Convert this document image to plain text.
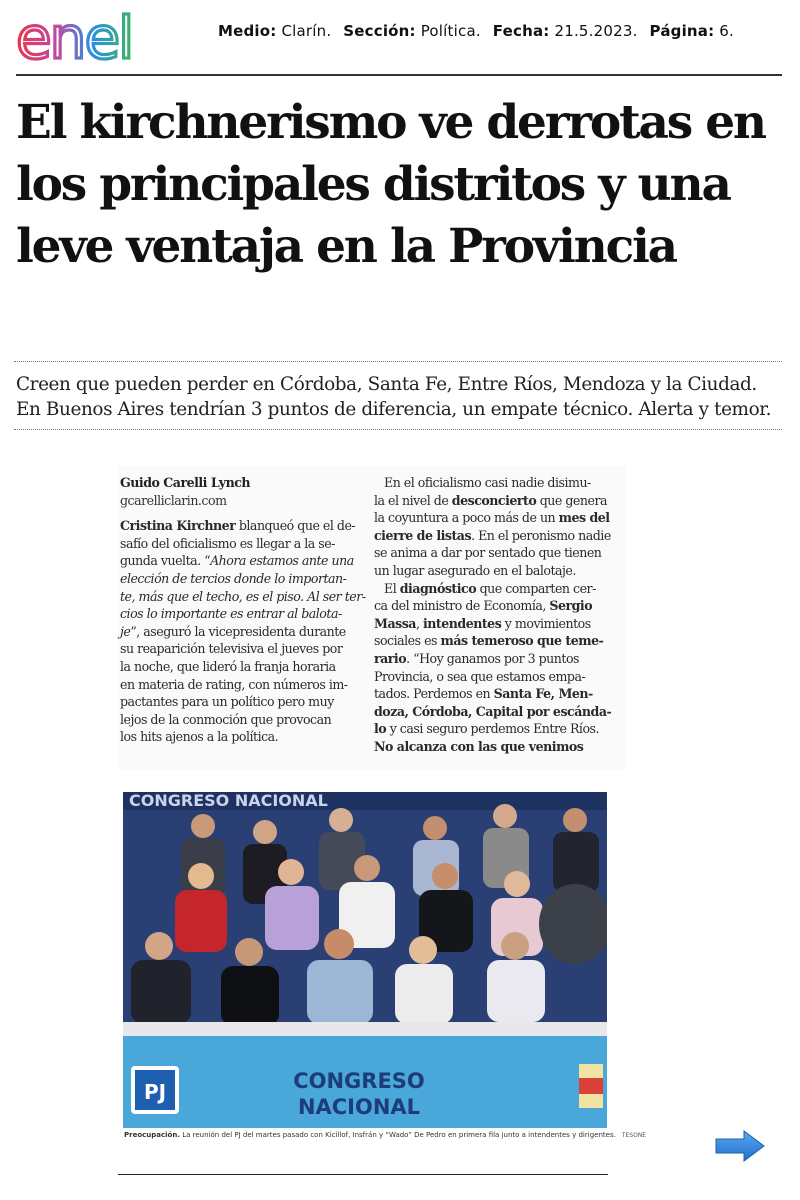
enel	Medio: Clarín. Sección: Política. Fecha: 21.5.2023. Página: 6.
El kirchnerismo ve derrotas en
los principales distritos y una
leve ventaja en la Provincia
Creen que pueden perder en Córdoba, Santa Fe, Entre Ríos, Mendoza y la Ciudad.
En Buenos Aires tendrían 3 puntos de diferencia, un empate técnico. Alerta y temor.
Guido Carelli Lynch
gcarelliclarin.com
Cristina Kirchner blanqueó que el de-
safío del oficialismo es llegar a la se-
gunda vuelta. “Ahora estamos ante una
elección de tercios donde lo importan-
te, más que el techo, es el piso. Al ser ter-
cios lo importante es entrar al balota-
je”, aseguró la vicepresidenta durante
su reaparición televisiva el jueves por
la noche, que lideró la franja horaria
en materia de rating, con números im-
pactantes para un político pero muy
lejos de la conmoción que provocan
los hits ajenos a la política.
En el oficialismo casi nadie disimu-
la el nivel de desconcierto que genera
la coyuntura a poco más de un mes del
cierre de listas. En el peronismo nadie
se anima a dar por sentado que tienen
un lugar asegurado en el balotaje.
El diagnóstico que comparten cer-
ca del ministro de Economía, Sergio
Massa, intendentes y movimientos
sociales es más temeroso que teme-
rario. “Hoy ganamos por 3 puntos
Provincia, o sea que estamos empa-
tados. Perdemos en Santa Fe, Men-
doza, Córdoba, Capital por escánda-
lo y casi seguro perdemos Entre Ríos.
No alcanza con las que venimos
CONGRESO NACIONAL
PJ	CONGRESO
NACIONAL
Preocupación. La reunión del PJ del martes pasado con Kicillof, Insfrán y “Wado” De Pedro en primera fila junto a intendentes y dirigentes. TESONE
